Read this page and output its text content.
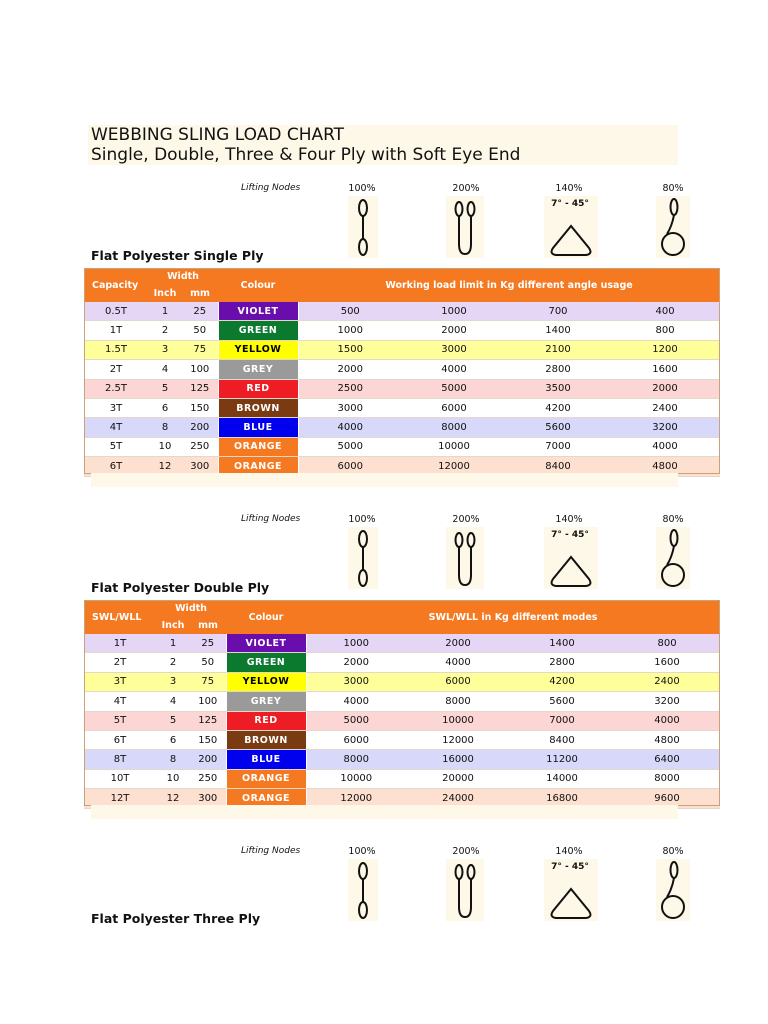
WEBBING SLING LOAD CHART
Single, Double, Three & Four Ply with Soft Eye End
Lifting Nodes	100%	200%	140%	80%
7° - 45°
Flat Polyester Single Ply
Capacity	Width		Colour	Working load limit in Kg different angle usage			
	Inch	mm					
0.5T	1	25	VIOLET	500	1000	700	400
1T	2	50	GREEN	1000	2000	1400	800
1.5T	3	75	YELLOW	1500	3000	2100	1200
2T	4	100	GREY	2000	4000	2800	1600
2.5T	5	125	RED	2500	5000	3500	2000
3T	6	150	BROWN	3000	6000	4200	2400
4T	8	200	BLUE	4000	8000	5600	3200
5T	10	250	ORANGE	5000	10000	7000	4000
6T	12	300	ORANGE	6000	12000	8400	4800
Lifting Nodes	100%	200%	140%	80%
7° - 45°
Flat Polyester Double Ply
SWL/WLL	Width		Colour	SWL/WLL in Kg different modes			
	Inch	mm					
1T	1	25	VIOLET	1000	2000	1400	800
2T	2	50	GREEN	2000	4000	2800	1600
3T	3	75	YELLOW	3000	6000	4200	2400
4T	4	100	GREY	4000	8000	5600	3200
5T	5	125	RED	5000	10000	7000	4000
6T	6	150	BROWN	6000	12000	8400	4800
8T	8	200	BLUE	8000	16000	11200	6400
10T	10	250	ORANGE	10000	20000	14000	8000
12T	12	300	ORANGE	12000	24000	16800	9600
Lifting Nodes	100%	200%	140%	80%
7° - 45°
Flat Polyester Three Ply
